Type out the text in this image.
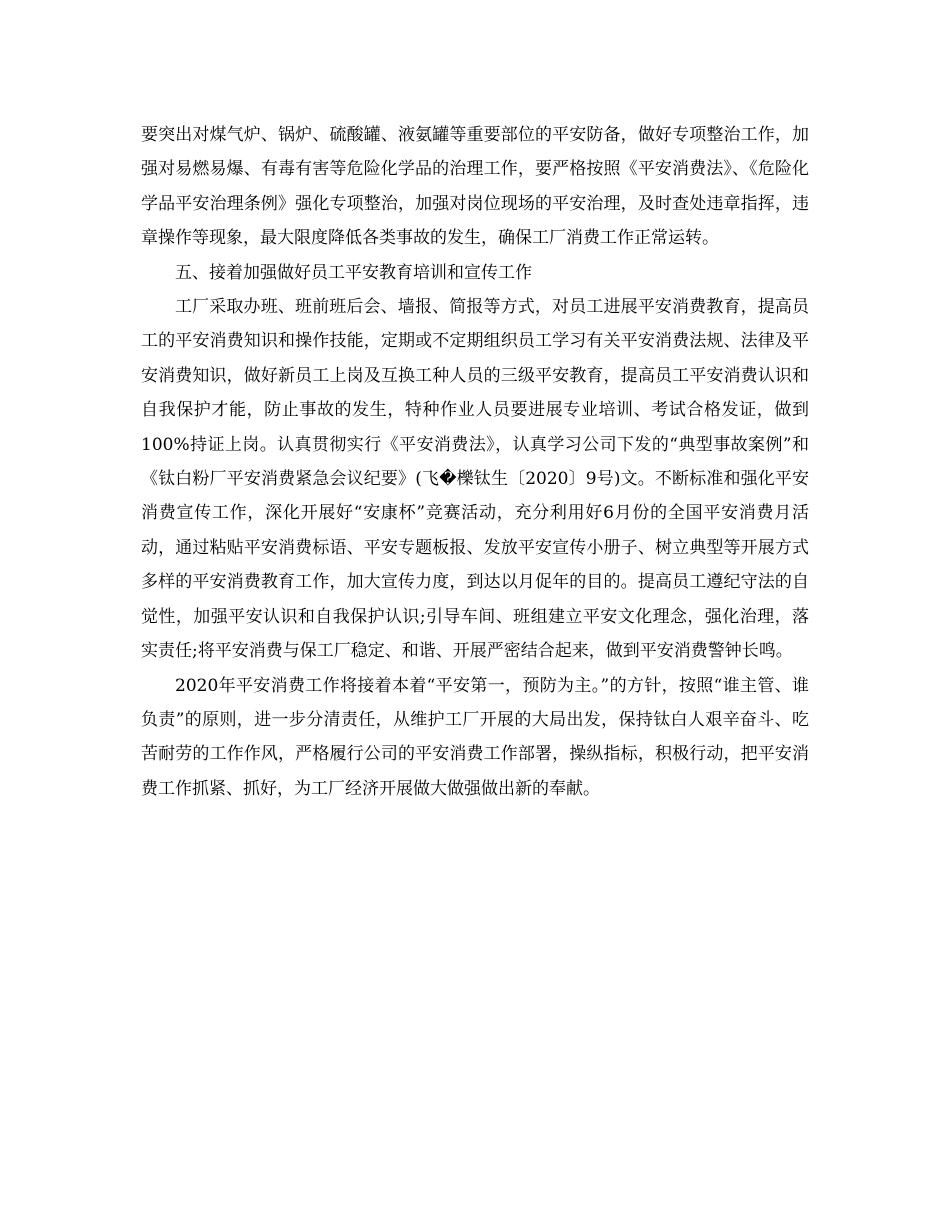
要突出对煤气炉、锅炉、硫酸罐、液氨罐等重要部位的平安防备，做好专项整治工作，加强对易燃易爆、有毒有害等危险化学品的治理工作，要严格按照《平安消费法》、《危险化学品平安治理条例》强化专项整治，加强对岗位现场的平安治理，及时查处违章指挥，违章操作等现象，最大限度降低各类事故的发生，确保工厂消费工作正常运转。

五、接着加强做好员工平安教育培训和宣传工作

工厂采取办班、班前班后会、墙报、简报等方式，对员工进展平安消费教育，提高员工的平安消费知识和操作技能，定期或不定期组织员工学习有关平安消费法规、法律及平安消费知识，做好新员工上岗及互换工种人员的三级平安教育，提高员工平安消费认识和自我保护才能，防止事故的发生，特种作业人员要进展专业培训、考试合格发证，做到100%持证上岗。认真贯彻实行《平安消费法》，认真学习公司下发的“典型事故案例”和《钛白粉厂平安消费紧急会议纪要》(飞�櫟钛生〔2020〕9号)文。不断标准和强化平安消费宣传工作，深化开展好“安康杯”竞赛活动，充分利用好6月份的全国平安消费月活动，通过粘贴平安消费标语、平安专题板报、发放平安宣传小册子、树立典型等开展方式多样的平安消费教育工作，加大宣传力度，到达以月促年的目的。提高员工遵纪守法的自觉性，加强平安认识和自我保护认识;引导车间、班组建立平安文化理念，强化治理，落实责任;将平安消费与保工厂稳定、和谐、开展严密结合起来，做到平安消费警钟长鸣。

2020年平安消费工作将接着本着“平安第一，预防为主。”的方针，按照“谁主管、谁负责”的原则，进一步分清责任，从维护工厂开展的大局出发，保持钛白人艰辛奋斗、吃苦耐劳的工作作风，严格履行公司的平安消费工作部署，操纵指标，积极行动，把平安消费工作抓紧、抓好，为工厂经济开展做大做强做出新的奉献。
